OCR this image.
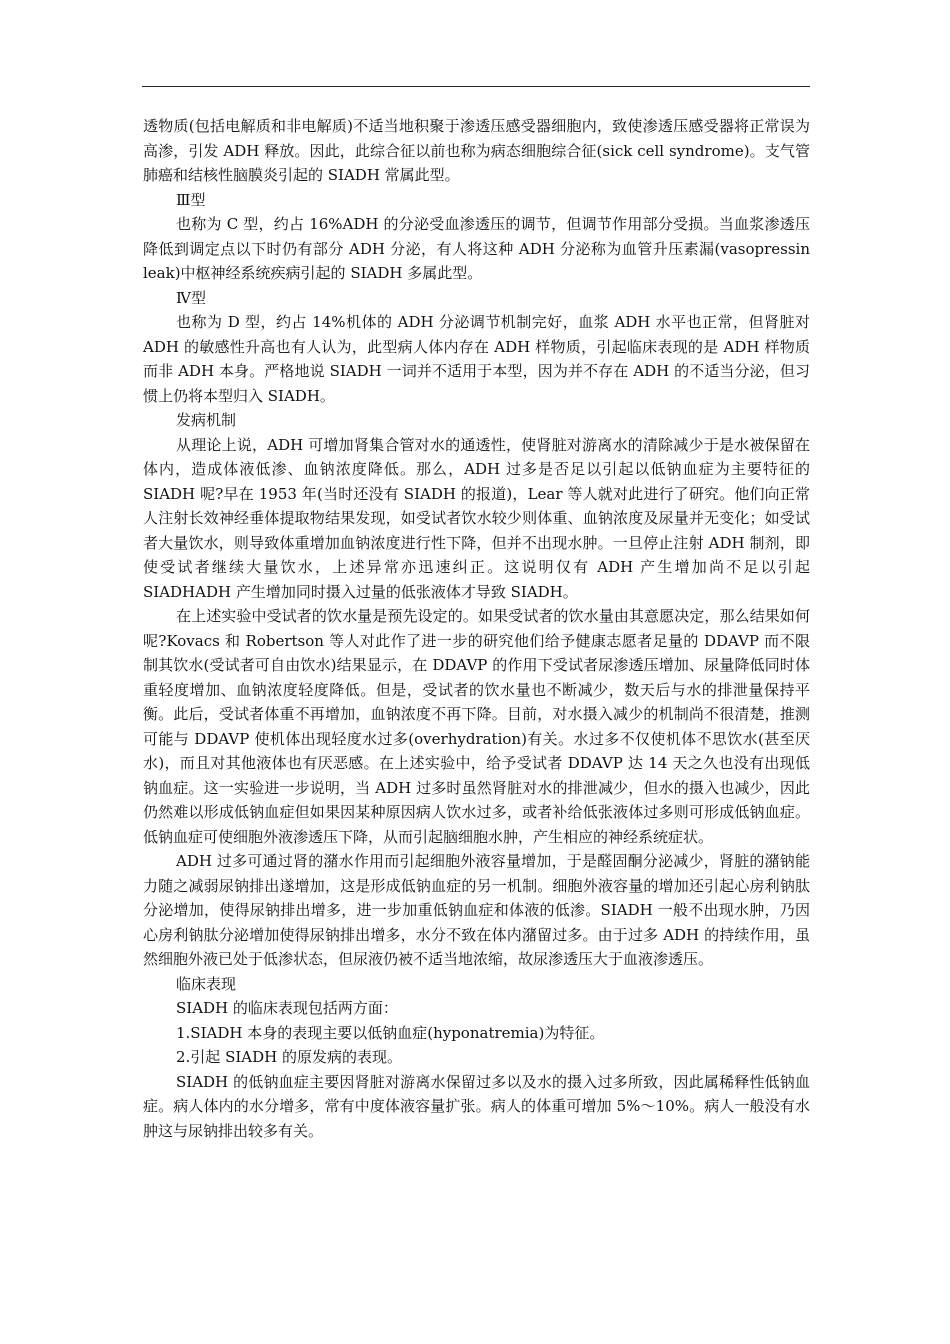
透物质(包括电解质和非电解质)不适当地积聚于渗透压感受器细胞内，致使渗透压感受器将正常误为高渗，引发 ADH 释放。因此，此综合征以前也称为病态细胞综合征(sick cell syndrome)。支气管肺癌和结核性脑膜炎引起的 SIADH 常属此型。

Ⅲ型

也称为 C 型，约占 16%ADH 的分泌受血渗透压的调节，但调节作用部分受损。当血浆渗透压降低到调定点以下时仍有部分 ADH 分泌，有人将这种 ADH 分泌称为血管升压素漏(vasopressin leak)中枢神经系统疾病引起的 SIADH 多属此型。

Ⅳ型

也称为 D 型，约占 14%机体的 ADH 分泌调节机制完好，血浆 ADH 水平也正常，但肾脏对 ADH 的敏感性升高也有人认为，此型病人体内存在 ADH 样物质，引起临床表现的是 ADH 样物质而非 ADH 本身。严格地说 SIADH 一词并不适用于本型，因为并不存在 ADH 的不适当分泌，但习惯上仍将本型归入 SIADH。

发病机制

从理论上说，ADH 可增加肾集合管对水的通透性，使肾脏对游离水的清除减少于是水被保留在体内，造成体液低渗、血钠浓度降低。那么，ADH 过多是否足以引起以低钠血症为主要特征的 SIADH 呢?早在 1953 年(当时还没有 SIADH 的报道)，Lear 等人就对此进行了研究。他们向正常人注射长效神经垂体提取物结果发现，如受试者饮水较少则体重、血钠浓度及尿量并无变化；如受试者大量饮水，则导致体重增加血钠浓度进行性下降，但并不出现水肿。一旦停止注射 ADH 制剂，即使受试者继续大量饮水，上述异常亦迅速纠正。这说明仅有 ADH 产生增加尚不足以引起 SIADHADH 产生增加同时摄入过量的低张液体才导致 SIADH。

在上述实验中受试者的饮水量是预先设定的。如果受试者的饮水量由其意愿决定，那么结果如何呢?Kovacs 和 Robertson 等人对此作了进一步的研究他们给予健康志愿者足量的 DDAVP 而不限制其饮水(受试者可自由饮水)结果显示，在 DDAVP 的作用下受试者尿渗透压增加、尿量降低同时体重轻度增加、血钠浓度轻度降低。但是，受试者的饮水量也不断减少，数天后与水的排泄量保持平衡。此后，受试者体重不再增加，血钠浓度不再下降。目前，对水摄入减少的机制尚不很清楚，推测可能与 DDAVP 使机体出现轻度水过多(overhydration)有关。水过多不仅使机体不思饮水(甚至厌水)，而且对其他液体也有厌恶感。在上述实验中，给予受试者 DDAVP 达 14 天之久也没有出现低钠血症。这一实验进一步说明，当 ADH 过多时虽然肾脏对水的排泄减少，但水的摄入也减少，因此仍然难以形成低钠血症但如果因某种原因病人饮水过多，或者补给低张液体过多则可形成低钠血症。低钠血症可使细胞外液渗透压下降，从而引起脑细胞水肿，产生相应的神经系统症状。

ADH 过多可通过肾的潴水作用而引起细胞外液容量增加，于是醛固酮分泌减少，肾脏的潴钠能力随之减弱尿钠排出遂增加，这是形成低钠血症的另一机制。细胞外液容量的增加还引起心房利钠肽分泌增加，使得尿钠排出增多，进一步加重低钠血症和体液的低渗。SIADH 一般不出现水肿，乃因心房利钠肽分泌增加使得尿钠排出增多，水分不致在体内潴留过多。由于过多 ADH 的持续作用，虽然细胞外液已处于低渗状态，但尿液仍被不适当地浓缩，故尿渗透压大于血液渗透压。

临床表现

SIADH 的临床表现包括两方面：

1.SIADH 本身的表现主要以低钠血症(hyponatremia)为特征。

2.引起 SIADH 的原发病的表现。

SIADH 的低钠血症主要因肾脏对游离水保留过多以及水的摄入过多所致，因此属稀释性低钠血症。病人体内的水分增多，常有中度体液容量扩张。病人的体重可增加 5%～10%。病人一般没有水肿这与尿钠排出较多有关。
